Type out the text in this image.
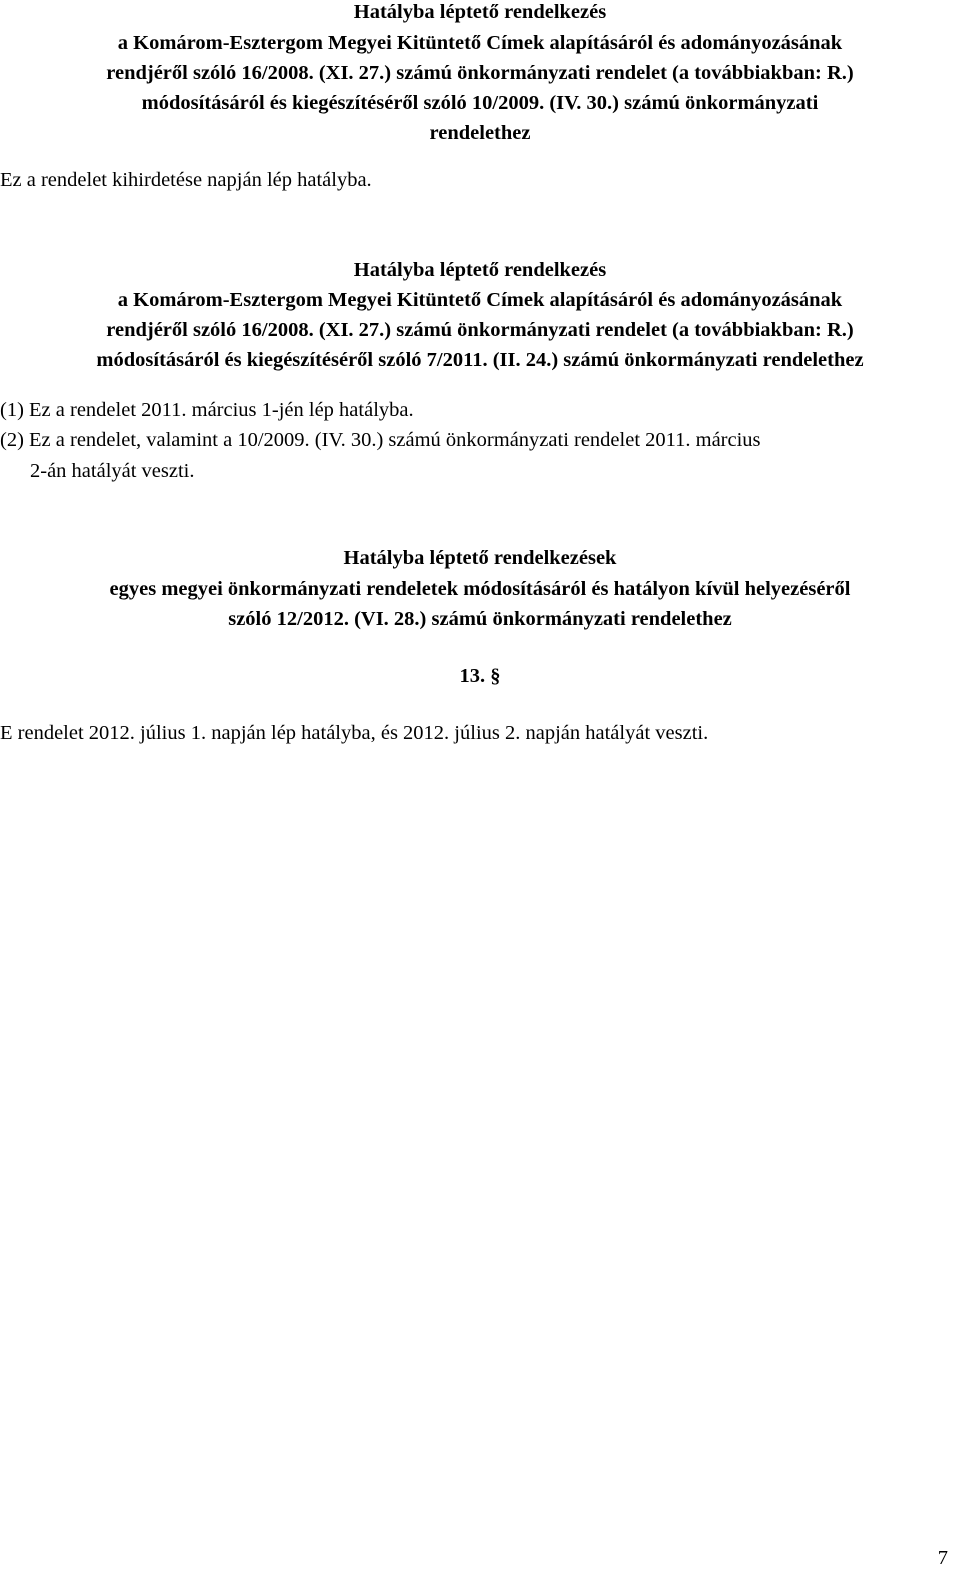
Hatályba léptető rendelkezés
a Komárom-Esztergom Megyei Kitüntető Címek alapításáról és adományozásának
rendjéről szóló 16/2008. (XI. 27.) számú önkormányzati rendelet (a továbbiakban: R.)
módosításáról és kiegészítéséről szóló 10/2009. (IV. 30.) számú önkormányzati
rendelethez
Ez a rendelet kihirdetése napján lép hatályba.
Hatályba léptető rendelkezés
a Komárom-Esztergom Megyei Kitüntető Címek alapításáról és adományozásának
rendjéről szóló 16/2008. (XI. 27.) számú önkormányzati rendelet (a továbbiakban: R.)
módosításáról és kiegészítéséről szóló 7/2011. (II. 24.) számú önkormányzati rendelethez
(1) Ez a rendelet 2011. március 1-jén lép hatályba.
(2) Ez a rendelet, valamint a 10/2009. (IV. 30.) számú önkormányzati rendelet 2011. március
2-án hatályát veszti.
Hatályba léptető rendelkezések
egyes megyei önkormányzati rendeletek módosításáról és hatályon kívül helyezéséről
szóló 12/2012. (VI. 28.) számú önkormányzati rendelethez
13. §
E rendelet 2012. július 1. napján lép hatályba, és 2012. július 2. napján hatályát veszti.
7
